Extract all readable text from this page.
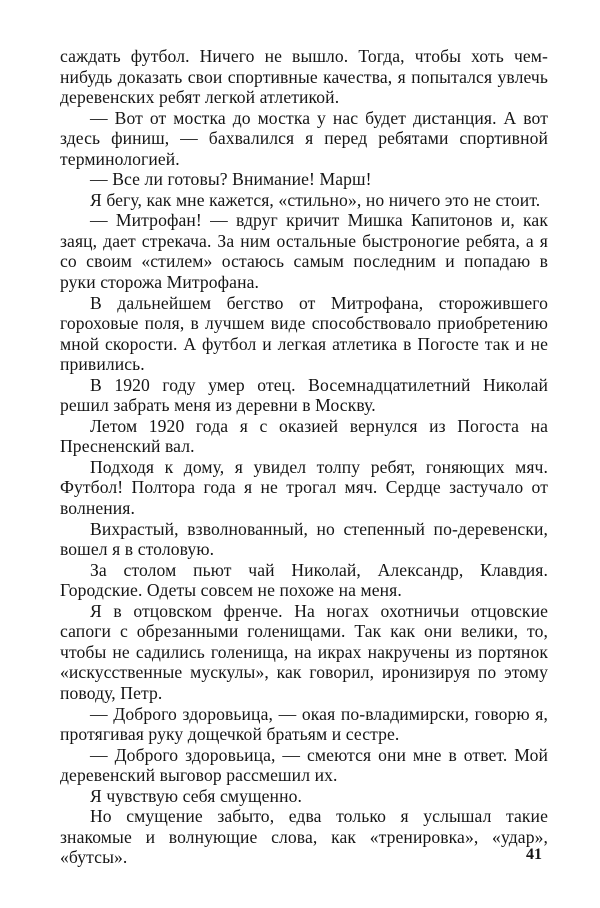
саждать футбол. Ничего не вышло. Тогда, чтобы хоть чем-нибудь доказать свои спортивные качества, я попытался увлечь деревенских ребят легкой атлетикой.

— Вот от мостка до мостка у нас будет дистанция. А вот здесь финиш, — бахвалился я перед ребятами спортивной терминологией.

— Все ли готовы? Внимание! Марш!

Я бегу, как мне кажется, «стильно», но ничего это не стоит.

— Митрофан! — вдруг кричит Мишка Капитонов и, как заяц, дает стрекача. За ним остальные быстроногие ребята, а я со своим «стилем» остаюсь самым последним и попадаю в руки сторожа Митрофана.

В дальнейшем бегство от Митрофана, сторожившего гороховые поля, в лучшем виде способствовало приобретению мной скорости. А футбол и легкая атлетика в Погосте так и не привились.

В 1920 году умер отец. Восемнадцатилетний Николай решил забрать меня из деревни в Москву.

Летом 1920 года я с оказией вернулся из Погоста на Пресненский вал.

Подходя к дому, я увидел толпу ребят, гоняющих мяч. Футбол! Полтора года я не трогал мяч. Сердце застучало от волнения.

Вихрастый, взволнованный, но степенный по-деревенски, вошел я в столовую.

За столом пьют чай Николай, Александр, Клавдия. Городские. Одеты совсем не похоже на меня.

Я в отцовском френче. На ногах охотничьи отцовские сапоги с обрезанными голенищами. Так как они велики, то, чтобы не садились голенища, на икрах накручены из портянок «искусственные мускулы», как говорил, иронизируя по этому поводу, Петр.

— Доброго здоровьица, — окая по-владимирски, говорю я, протягивая руку дощечкой братьям и сестре.

— Доброго здоровьица, — смеются они мне в ответ. Мой деревенский выговор рассмешил их.

Я чувствую себя смущенно.

Но смущение забыто, едва только я услышал такие знакомые и волнующие слова, как «тренировка», «удар», «бутсы».	41
